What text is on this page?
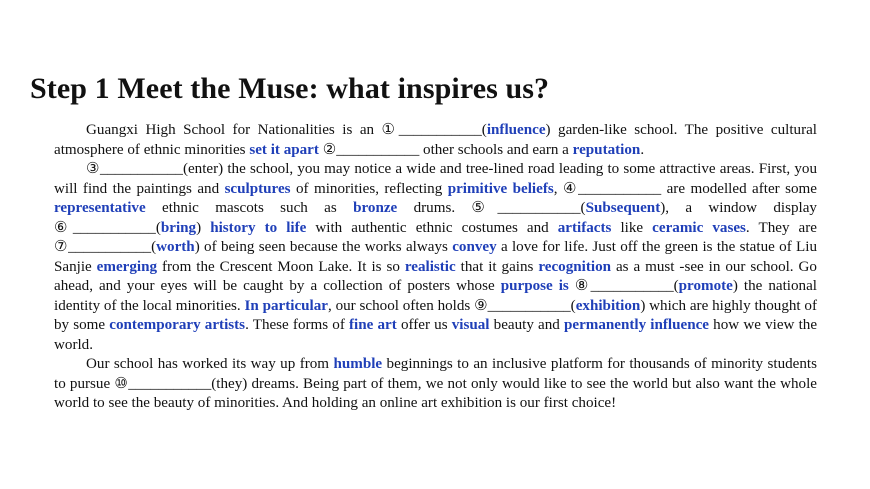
Step 1 Meet the Muse: what inspires us?

Guangxi High School for Nationalities is an ①___________(influence) garden-like school. The positive cultural atmosphere of ethnic minorities set it apart ②___________ other schools and earn a reputation.

③___________(enter) the school, you may notice a wide and tree-lined road leading to some attractive areas. First, you will find the paintings and sculptures of minorities, reflecting primitive beliefs, ④___________ are modelled after some representative ethnic mascots such as bronze drums. ⑤___________(Subsequent), a window display ⑥___________(bring) history to life with authentic ethnic costumes and artifacts like ceramic vases. They are ⑦___________(worth) of being seen because the works always convey a love for life. Just off the green is the statue of Liu Sanjie emerging from the Crescent Moon Lake. It is so realistic that it gains recognition as a must -see in our school. Go ahead, and your eyes will be caught by a collection of posters whose purpose is ⑧___________(promote) the national identity of the local minorities. In particular, our school often holds ⑨___________(exhibition) which are highly thought of by some contemporary artists. These forms of fine art offer us visual beauty and permanently influence how we view the world.

Our school has worked its way up from humble beginnings to an inclusive platform for thousands of minority students to pursue ⑩___________(they) dreams. Being part of them, we not only would like to see the world but also want the whole world to see the beauty of minorities. And holding an online art exhibition is our first choice!
